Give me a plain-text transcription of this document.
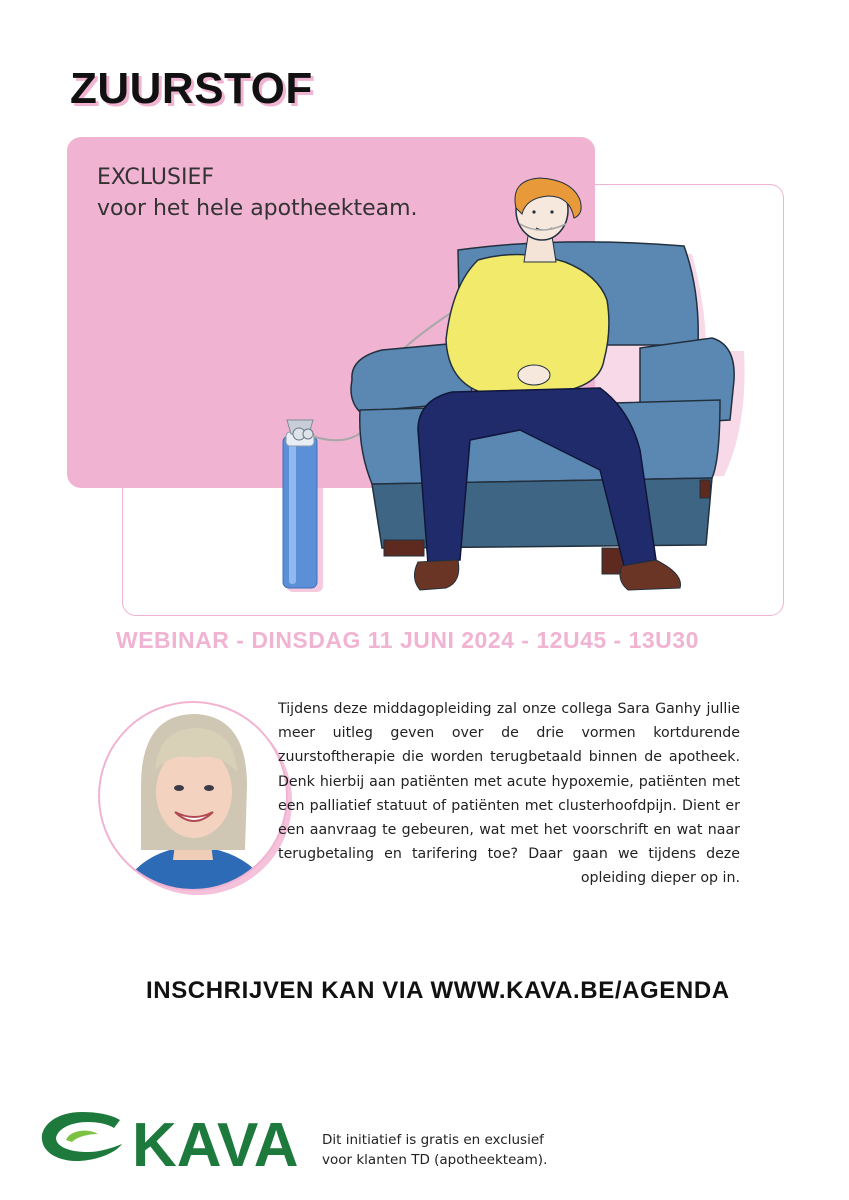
ZUURSTOF
EXCLUSIEF
voor het hele apotheekteam.
WEBINAR - DINSDAG 11 JUNI 2024 - 12U45 - 13U30
Tijdens deze middagopleiding zal onze collega Sara Ganhy jullie meer uitleg geven over de drie vormen kortdurende zuurstoftherapie die worden terugbetaald binnen de apotheek. Denk hierbij aan patiënten met acute hypoxemie, patiënten met een palliatief statuut of patiënten met clusterhoofdpijn. Dient er een aanvraag te gebeuren, wat met het voorschrift en wat naar terugbetaling en tarifering toe? Daar gaan we tijdens deze opleiding dieper op in.
INSCHRIJVEN KAN VIA WWW.KAVA.BE/AGENDA
KAVA Dit initiatief is gratis en exclusief
voor klanten TD (apotheekteam).
